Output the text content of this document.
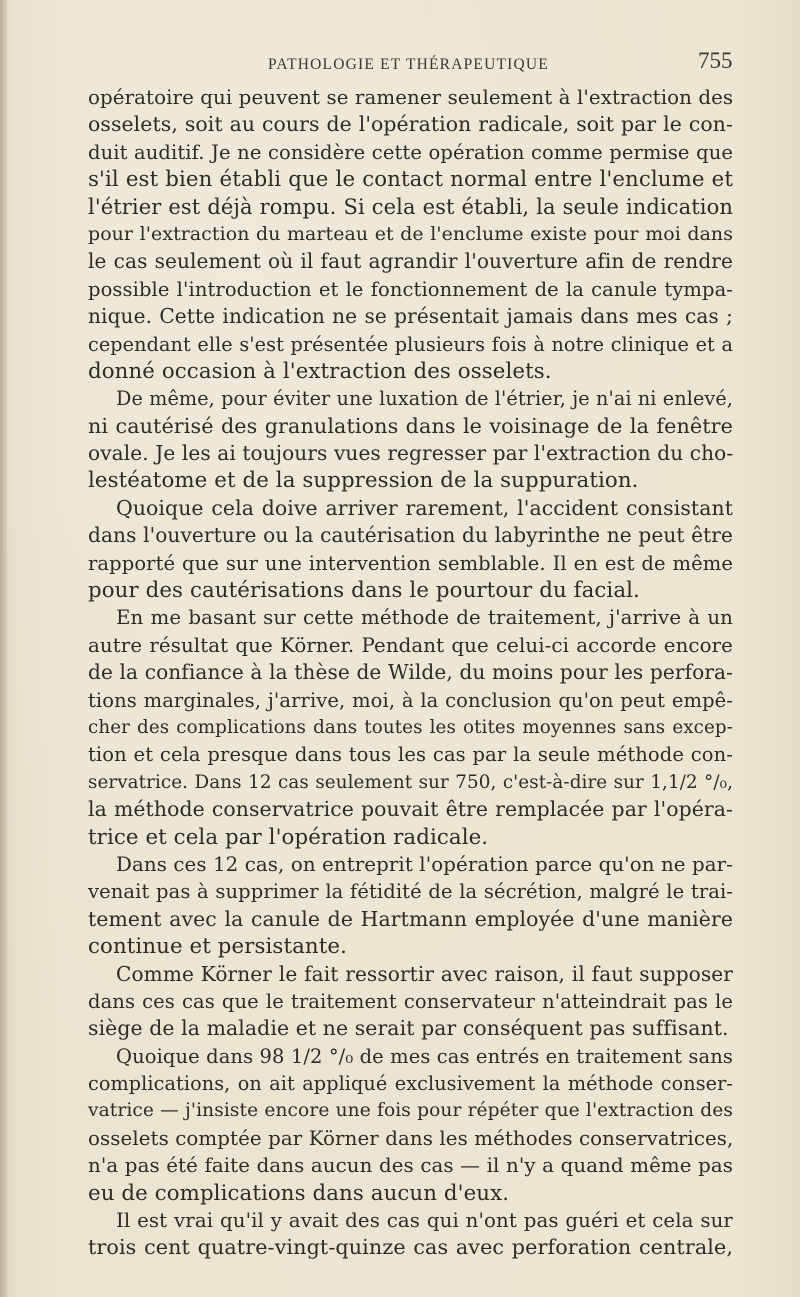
PATHOLOGIE ET THÉRAPEUTIQUE	755
opératoire qui peuvent se ramener seulement à l'extraction des
osselets, soit au cours de l'opération radicale, soit par le con-
duit auditif. Je ne considère cette opération comme permise que
s'il est bien établi que le contact normal entre l'enclume et
l'étrier est déjà rompu. Si cela est établi, la seule indication
pour l'extraction du marteau et de l'enclume existe pour moi dans
le cas seulement où il faut agrandir l'ouverture afin de rendre
possible l'introduction et le fonctionnement de la canule tympa-
nique. Cette indication ne se présentait jamais dans mes cas ;
cependant elle s'est présentée plusieurs fois à notre clinique et a
donné occasion à l'extraction des osselets.
De même, pour éviter une luxation de l'étrier, je n'ai ni enlevé,
ni cautérisé des granulations dans le voisinage de la fenêtre
ovale. Je les ai toujours vues regresser par l'extraction du cho-
lestéatome et de la suppression de la suppuration.
Quoique cela doive arriver rarement, l'accident consistant
dans l'ouverture ou la cautérisation du labyrinthe ne peut être
rapporté que sur une intervention semblable. Il en est de même
pour des cautérisations dans le pourtour du facial.
En me basant sur cette méthode de traitement, j'arrive à un
autre résultat que Körner. Pendant que celui-ci accorde encore
de la confiance à la thèse de Wilde, du moins pour les perfora-
tions marginales, j'arrive, moi, à la conclusion qu'on peut empê-
cher des complications dans toutes les otites moyennes sans excep-
tion et cela presque dans tous les cas par la seule méthode con-
servatrice. Dans 12 cas seulement sur 750, c'est-à-dire sur 1,1/2 °/₀,
la méthode conservatrice pouvait être remplacée par l'opéra-
trice et cela par l'opération radicale.
Dans ces 12 cas, on entreprit l'opération parce qu'on ne par-
venait pas à supprimer la fétidité de la sécrétion, malgré le trai-
tement avec la canule de Hartmann employée d'une manière
continue et persistante.
Comme Körner le fait ressortir avec raison, il faut supposer
dans ces cas que le traitement conservateur n'atteindrait pas le
siège de la maladie et ne serait par conséquent pas suffisant.
Quoique dans 98 1/2 °/₀ de mes cas entrés en traitement sans
complications, on ait appliqué exclusivement la méthode conser-
vatrice — j'insiste encore une fois pour répéter que l'extraction des
osselets comptée par Körner dans les méthodes conservatrices,
n'a pas été faite dans aucun des cas — il n'y a quand même pas
eu de complications dans aucun d'eux.
Il est vrai qu'il y avait des cas qui n'ont pas guéri et cela sur
trois cent quatre-vingt-quinze cas avec perforation centrale,
